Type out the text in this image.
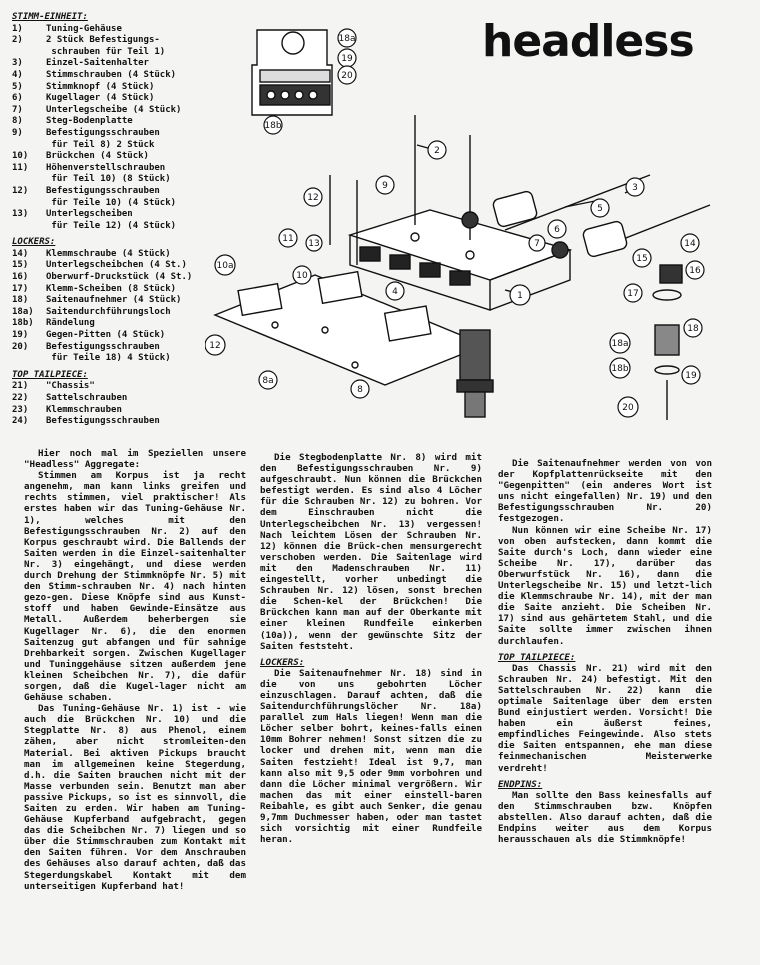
STIMM-EINHEIT:
1)	Tuning-Gehäuse
2)	2 Stück Befestigungs-
schrauben für Teil 1)
3)	Einzel-Saitenhalter
4)	Stimmschrauben (4 Stück)
5)	Stimmknopf (4 Stück)
6)	Kugellager (4 Stück)
7)	Unterlegscheibe (4 Stück)
8)	Steg-Bodenplatte
9)	Befestigungsschrauben
für Teil 8) 2 Stück
10)	Brückchen (4 Stück)
11)	Höhenverstellschrauben
für Teil 10) (8 Stück)
12)	Befestigungsschrauben
für Teile 10) (4 Stück)
13)	Unterlegscheiben
für Teile 12) (4 Stück)
LOCKERS:
14)	Klemmschraube (4 Stück)
15)	Unterlegscheibchen (4 St.)
16)	Oberwurf-Druckstück (4 St.)
17)	Klemm-Scheiben (8 Stück)
18)	Saitenaufnehmer (4 Stück)
18a)	Saitendurchführungsloch
18b)	Rändelung
19)	Gegen-Pitten (4 Stück)
20)	Befestigungsschrauben
für Teile 18) 4 Stück)
TOP TAILPIECE:
21)	"Chassis"
22)	Sattelschrauben
23)	Klemmschrauben
24)	Befestigungsschrauben
headless
18a
19
20
18b
2
9
12
3
5
6
7
11 13
10
10a
12
8a
8
4	1
14
15
16
17
18
18a
18b
19
20

Hier noch mal im Speziellen unsere "Headless" Aggregate:

Stimmen am Korpus ist ja recht angenehm, man kann links greifen und rechts stimmen, viel praktischer! Als erstes haben wir das Tuning-Gehäuse Nr. 1), welches mit den Befestigungsschrauben Nr. 2) auf den Korpus geschraubt wird. Die Ballends der Saiten werden in die Einzel-saitenhalter Nr. 3) eingehängt, und diese werden durch Drehung der Stimmknöpfe Nr. 5) mit den Stimm-schrauben Nr. 4) nach hinten gezo-gen. Diese Knöpfe sind aus Kunst-stoff und haben Gewinde-Einsätze aus Metall. Außerdem beherbergen sie Kugellager Nr. 6), die den enormen Saitenzug gut abfangen und für sahnige Drehbarkeit sorgen. Zwischen Kugellager und Tuninggehäuse sitzen außerdem jene kleinen Scheibchen Nr. 7), die dafür sorgen, daß die Kugel-lager nicht am Gehäuse schaben.

Das Tuning-Gehäuse Nr. 1) ist - wie auch die Brückchen Nr. 10) und die Stegplatte Nr. 8) aus Phenol, einem zähen, aber nicht stromleiten-den Material. Bei aktiven Pickups braucht man im allgemeinen keine Stegerdung, d.h. die Saiten brauchen nicht mit der Masse verbunden sein. Benutzt man aber passive Pickups, so ist es sinnvoll, die Saiten zu erden. Wir haben am Tuning-Gehäuse Kupferband aufgebracht, gegen das die Scheibchen Nr. 7) liegen und so über die Stimmschrauben zum Kontakt mit den Saiten führen. Vor dem Anschrauben des Gehäuses also darauf achten, daß das Stegerdungskabel Kontakt mit dem unterseitigen Kupferband hat!

Die Stegbodenplatte Nr. 8) wird mit den Befestigungsschrauben Nr. 9) aufgeschraubt. Nun können die Brückchen befestigt werden. Es sind also 4 Löcher für die Schrauben Nr. 12) zu bohren. Vor dem Einschrauben nicht die Unterlegscheibchen Nr. 13) vergessen! Nach leichtem Lösen der Schrauben Nr. 12) können die Brück-chen mensurgerecht verschoben werden. Die Saitenlage wird mit den Madenschrauben Nr. 11) eingestellt, vorher unbedingt die Schrauben Nr. 12) lösen, sonst brechen die Schen-kel der Brückchen! Die Brückchen kann man auf der Oberkante mit einer kleinen Rundfeile einkerben (10a)), wenn der gewünschte Sitz der Saiten feststeht.

LOCKERS:

Die Saitenaufnehmer Nr. 18) sind in die von uns gebohrten Löcher einzuschlagen. Darauf achten, daß die Saitendurchführungslöcher Nr. 18a) parallel zum Hals liegen! Wenn man die Löcher selber bohrt, keines-falls einen 10mm Bohrer nehmen! Sonst sitzen die zu locker und drehen mit, wenn man die Saiten festzieht! Ideal ist 9,7, man kann also mit 9,5 oder 9mm vorbohren und dann die Löcher minimal vergrößern. Wir machen das mit einer einstell-baren Reibahle, es gibt auch Senker, die genau 9,7mm Duchmesser haben, oder man tastet sich vorsichtig mit einer Rundfeile heran.

Die Saitenaufnehmer werden von von der Kopfplattenrückseite mit den "Gegenpitten" (ein anderes Wort ist uns nicht eingefallen) Nr. 19) und den Befestigungsschrauben Nr. 20) festgezogen.

Nun können wir eine Scheibe Nr. 17) von oben aufstecken, dann kommt die Saite durch's Loch, dann wieder eine Scheibe Nr. 17), darüber das Oberwurfstück Nr. 16), dann die Unterlegscheibe Nr. 15) und letzt-lich die Klemmschraube Nr. 14), mit der man die Saite anzieht. Die Scheiben Nr. 17) sind aus gehärtetem Stahl, und die Saite sollte immer zwischen ihnen durchlaufen.

TOP TAILPIECE:

Das Chassis Nr. 21) wird mit den Schrauben Nr. 24) befestigt. Mit den Sattelschrauben Nr. 22) kann die optimale Saitenlage über dem ersten Bund einjustiert werden. Vorsicht! Die haben ein äußerst feines, empfindliches Feingewinde. Also stets die Saiten entspannen, ehe man diese feinmechanischen Meisterwerke verdreht!

ENDPINS:

Man sollte den Bass keinesfalls auf den Stimmschrauben bzw. Knöpfen abstellen. Also darauf achten, daß die Endpins weiter aus dem Korpus herausschauen als die Stimmknöpfe!
